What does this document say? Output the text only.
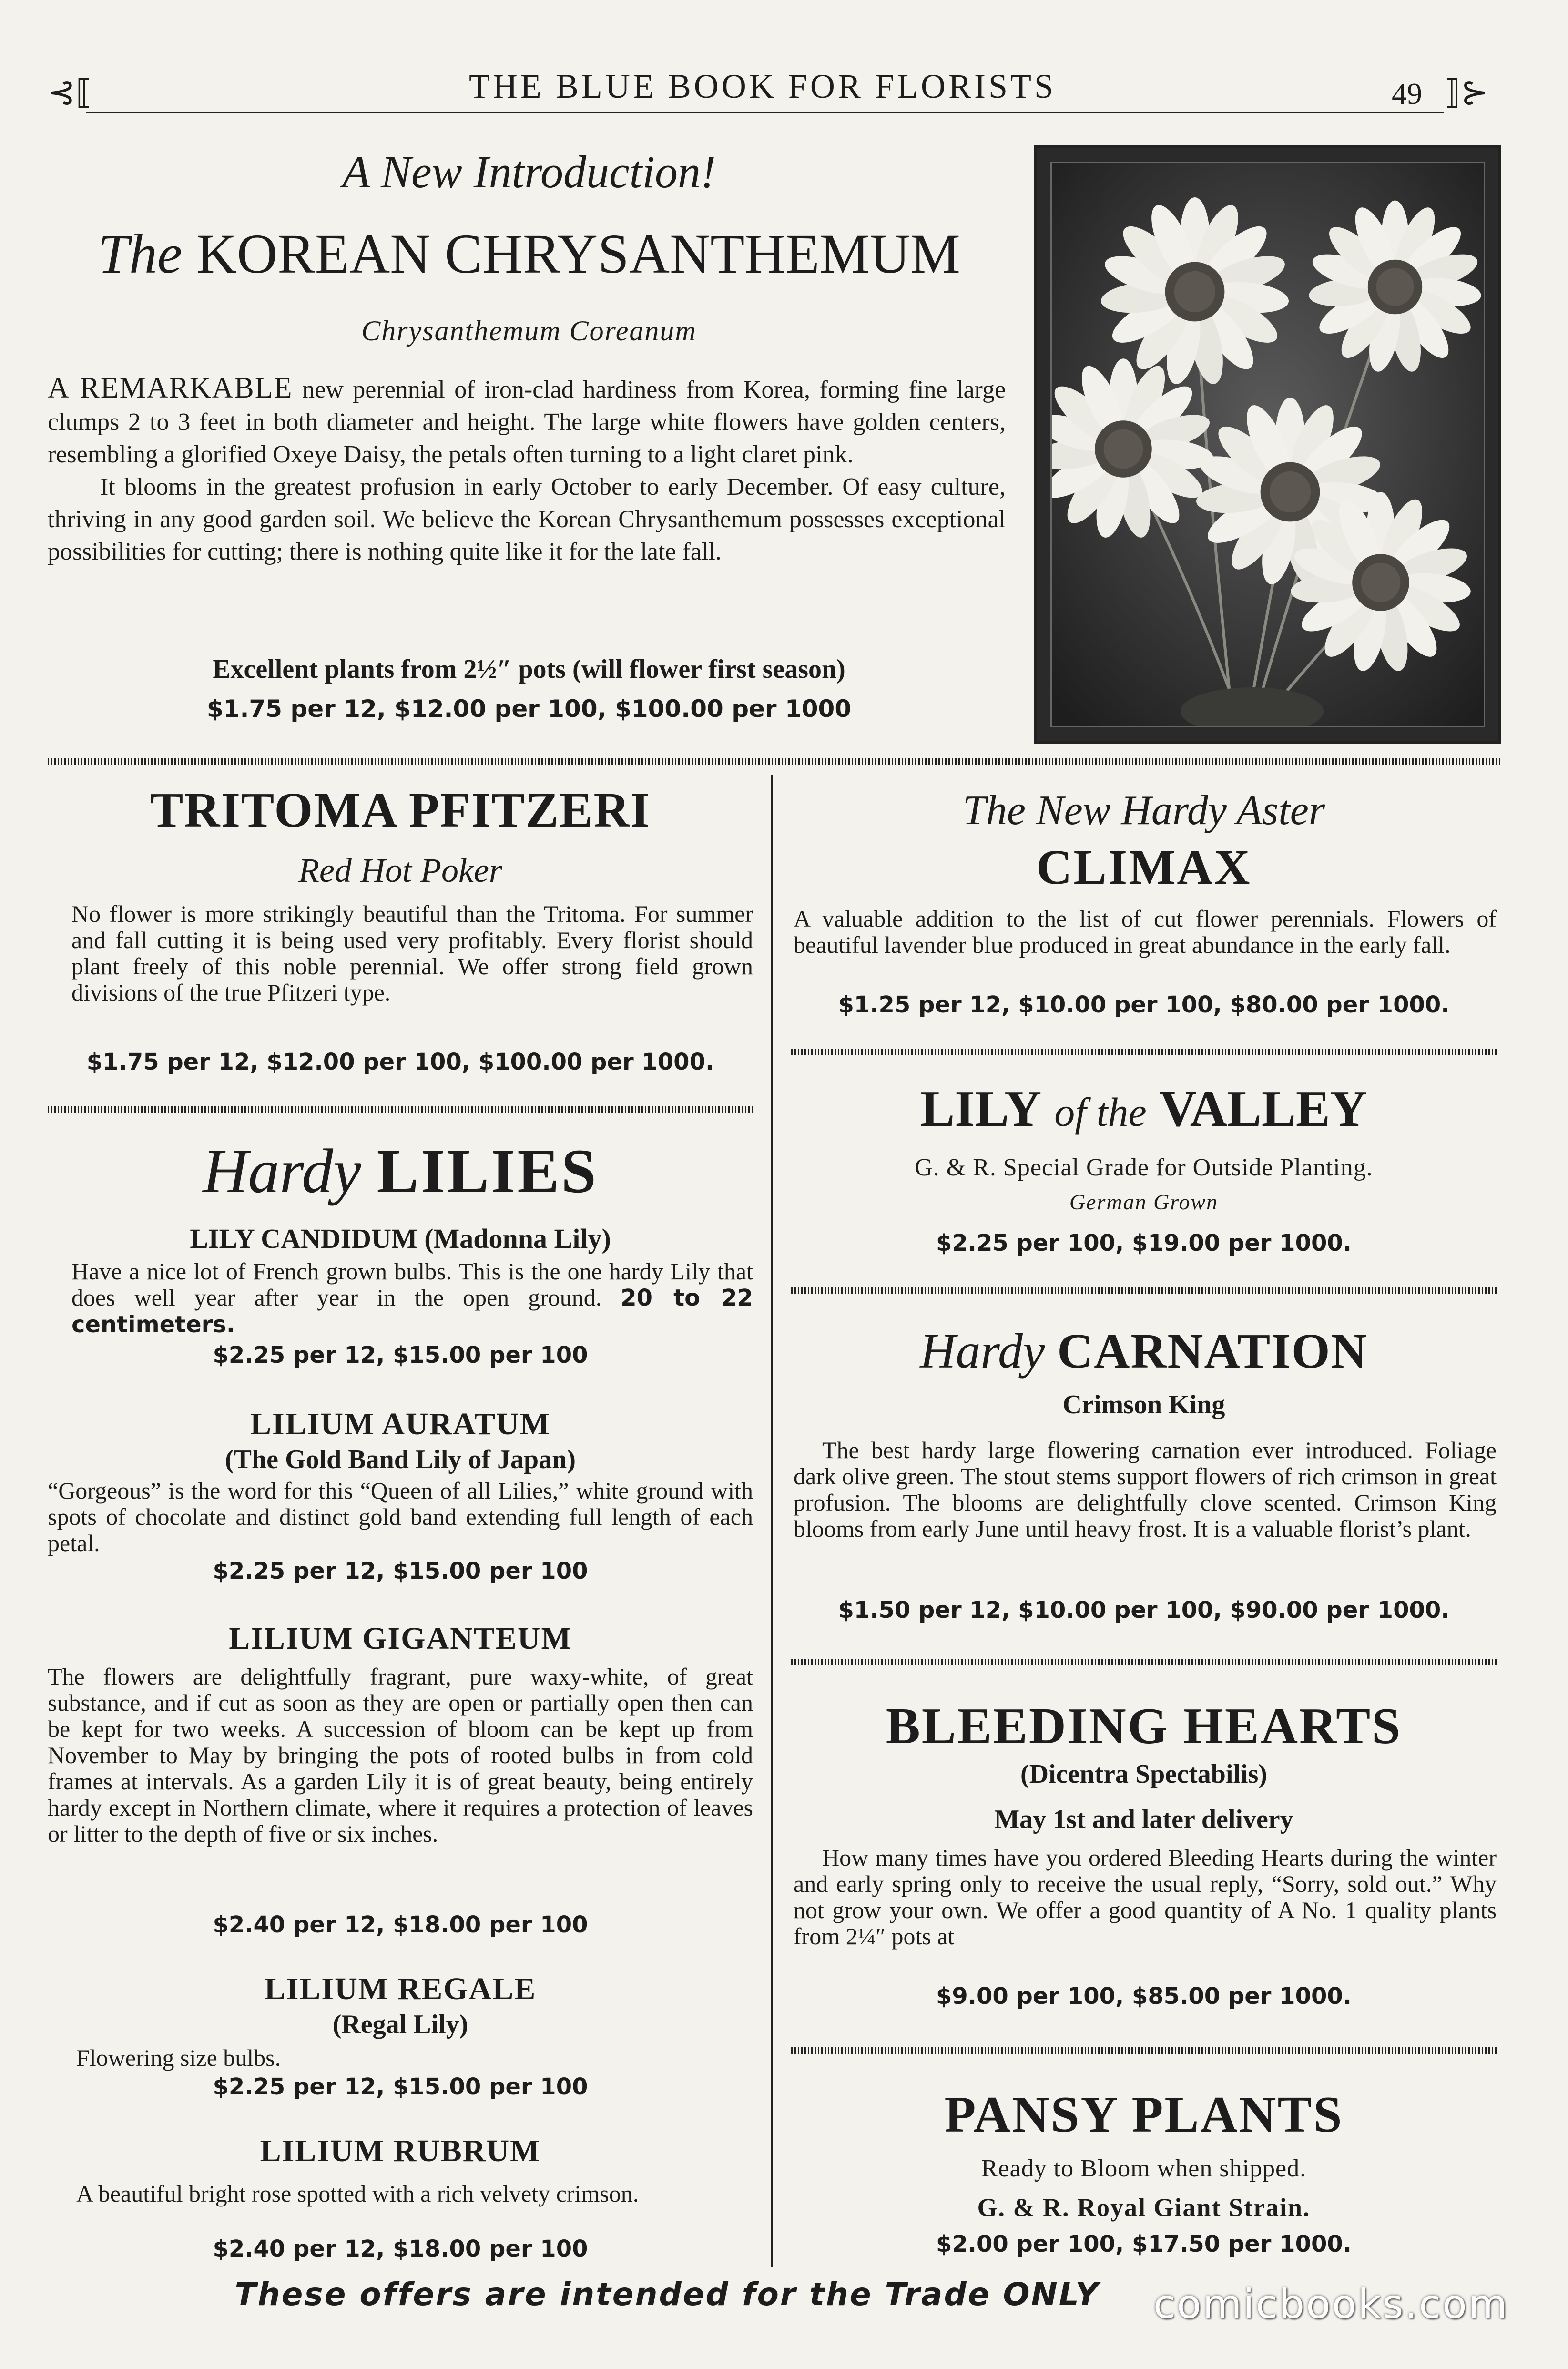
⊰⟦	THE BLUE BOOK FOR FLORISTS	49 ⟧⊱
A New Introduction!
The KOREAN CHRYSANTHEMUM
Chrysanthemum Coreanum
A REMARKABLE new perennial of iron-clad hardiness from Korea, forming fine large clumps 2 to 3 feet in both diameter and height. The large white flowers have golden centers, resembling a glorified Oxeye Daisy, the petals often turning to a light claret pink.
It blooms in the greatest profusion in early October to early December. Of easy culture, thriving in any good garden soil. We believe the Korean Chrysanthemum possesses exceptional possibilities for cutting; there is nothing quite like it for the late fall.
Excellent plants from 2½″ pots (will flower first season)
$1.75 per 12, $12.00 per 100, $100.00 per 1000
TRITOMA PFITZERI
Red Hot Poker
No flower is more strikingly beautiful than the Tritoma. For summer and fall cutting it is being used very profitably. Every florist should plant freely of this noble perennial. We offer strong field grown divisions of the true Pfitzeri type.
$1.75 per 12, $12.00 per 100, $100.00 per 1000.
Hardy LILIES
LILY CANDIDUM (Madonna Lily)
Have a nice lot of French grown bulbs. This is the one hardy Lily that does well year after year in the open ground. 20 to 22 centimeters.
$2.25 per 12, $15.00 per 100
LILIUM AURATUM
(The Gold Band Lily of Japan)
“Gorgeous” is the word for this “Queen of all Lilies,” white ground with spots of chocolate and distinct gold band extending full length of each petal.
$2.25 per 12, $15.00 per 100
LILIUM GIGANTEUM
The flowers are delightfully fragrant, pure waxy-white, of great substance, and if cut as soon as they are open or partially open then can be kept for two weeks. A succession of bloom can be kept up from November to May by bringing the pots of rooted bulbs in from cold frames at intervals. As a garden Lily it is of great beauty, being entirely hardy except in Northern climate, where it requires a protection of leaves or litter to the depth of five or six inches.
$2.40 per 12, $18.00 per 100
LILIUM REGALE
(Regal Lily)
Flowering size bulbs.
$2.25 per 12, $15.00 per 100
LILIUM RUBRUM
A beautiful bright rose spotted with a rich velvety crimson.
$2.40 per 12, $18.00 per 100
The New Hardy Aster
CLIMAX
A valuable addition to the list of cut flower perennials. Flowers of beautiful lavender blue produced in great abundance in the early fall.
$1.25 per 12, $10.00 per 100, $80.00 per 1000.
LILY of the VALLEY
G. & R. Special Grade for Outside Planting.
German Grown
$2.25 per 100, $19.00 per 1000.
Hardy CARNATION
Crimson King
The best hardy large flowering carnation ever introduced. Foliage dark olive green. The stout stems support flowers of rich crimson in great profusion. The blooms are delightfully clove scented. Crimson King blooms from early June until heavy frost. It is a valuable florist’s plant.
$1.50 per 12, $10.00 per 100, $90.00 per 1000.
BLEEDING HEARTS
(Dicentra Spectabilis)
May 1st and later delivery
How many times have you ordered Bleeding Hearts during the winter and early spring only to receive the usual reply, “Sorry, sold out.” Why not grow your own. We offer a good quantity of A No. 1 quality plants from 2¼″ pots at
$9.00 per 100, $85.00 per 1000.
PANSY PLANTS
Ready to Bloom when shipped.
G. & R. Royal Giant Strain.
$2.00 per 100, $17.50 per 1000.
These offers are intended for the Trade ONLY	comicbooks.com
